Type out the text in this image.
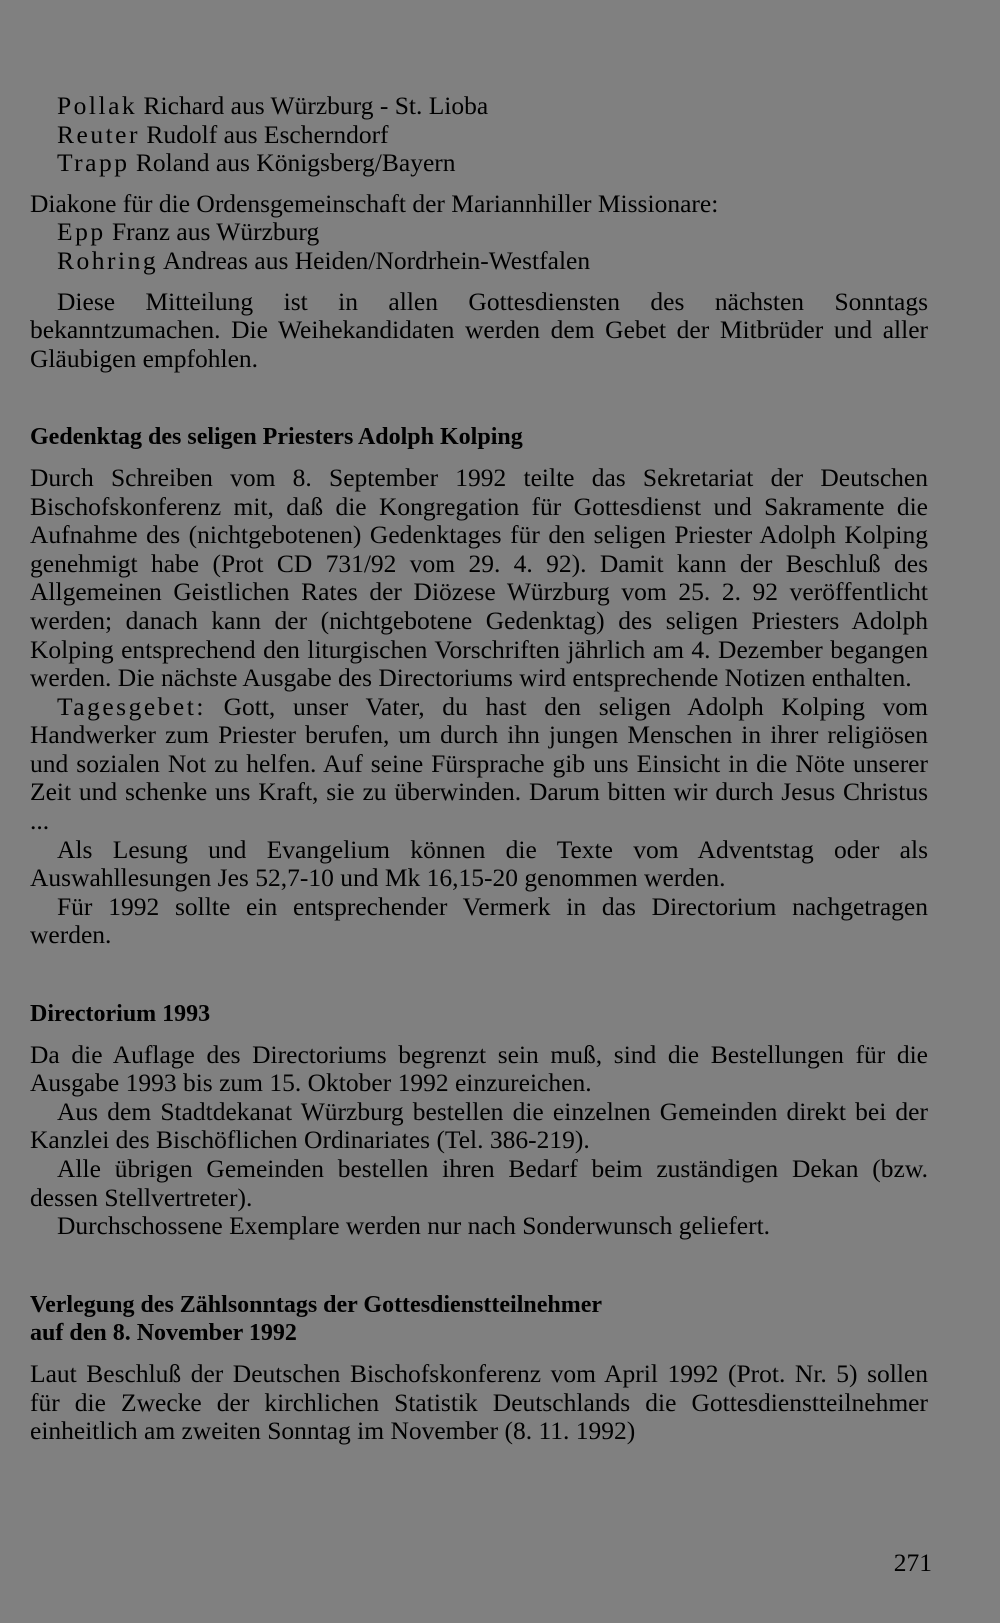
Pollak Richard aus Würzburg - St. Lioba
Reuter Rudolf aus Escherndorf
Trapp Roland aus Königsberg/Bayern
Diakone für die Ordensgemeinschaft der Mariannhiller Missionare:
Epp Franz aus Würzburg
Rohring Andreas aus Heiden/Nordrhein-Westfalen

Diese Mitteilung ist in allen Gottesdiensten des nächsten Sonntags bekanntzumachen. Die Weihekandidaten werden dem Gebet der Mitbrüder und aller Gläubigen empfohlen.

Gedenktag des seligen Priesters Adolph Kolping

Durch Schreiben vom 8. September 1992 teilte das Sekretariat der Deutschen Bischofskonferenz mit, daß die Kongregation für Gottesdienst und Sakramente die Aufnahme des (nichtgebotenen) Gedenktages für den seligen Priester Adolph Kolping genehmigt habe (Prot CD 731/92 vom 29. 4. 92). Damit kann der Beschluß des Allgemeinen Geistlichen Rates der Diözese Würzburg vom 25. 2. 92 veröffentlicht werden; danach kann der (nichtgebotene Gedenktag) des seligen Priesters Adolph Kolping entsprechend den liturgischen Vorschriften jährlich am 4. Dezember begangen werden. Die nächste Ausgabe des Directoriums wird entsprechende Notizen enthalten.

Tagesgebet: Gott, unser Vater, du hast den seligen Adolph Kolping vom Handwerker zum Priester berufen, um durch ihn jungen Menschen in ihrer religiösen und sozialen Not zu helfen. Auf seine Fürsprache gib uns Einsicht in die Nöte unserer Zeit und schenke uns Kraft, sie zu überwinden. Darum bitten wir durch Jesus Christus ...

Als Lesung und Evangelium können die Texte vom Adventstag oder als Auswahllesungen Jes 52,7-10 und Mk 16,15-20 genommen werden.

Für 1992 sollte ein entsprechender Vermerk in das Directorium nachgetragen werden.

Directorium 1993

Da die Auflage des Directoriums begrenzt sein muß, sind die Bestellungen für die Ausgabe 1993 bis zum 15. Oktober 1992 einzureichen.

Aus dem Stadtdekanat Würzburg bestellen die einzelnen Gemeinden direkt bei der Kanzlei des Bischöflichen Ordinariates (Tel. 386-219).

Alle übrigen Gemeinden bestellen ihren Bedarf beim zuständigen Dekan (bzw. dessen Stellvertreter).

Durchschossene Exemplare werden nur nach Sonderwunsch geliefert.

Verlegung des Zählsonntags der Gottesdienstteilnehmer
auf den 8. November 1992

Laut Beschluß der Deutschen Bischofskonferenz vom April 1992 (Prot. Nr. 5) sollen für die Zwecke der kirchlichen Statistik Deutschlands die Gottesdienstteilnehmer einheitlich am zweiten Sonntag im November (8. 11. 1992)

271
